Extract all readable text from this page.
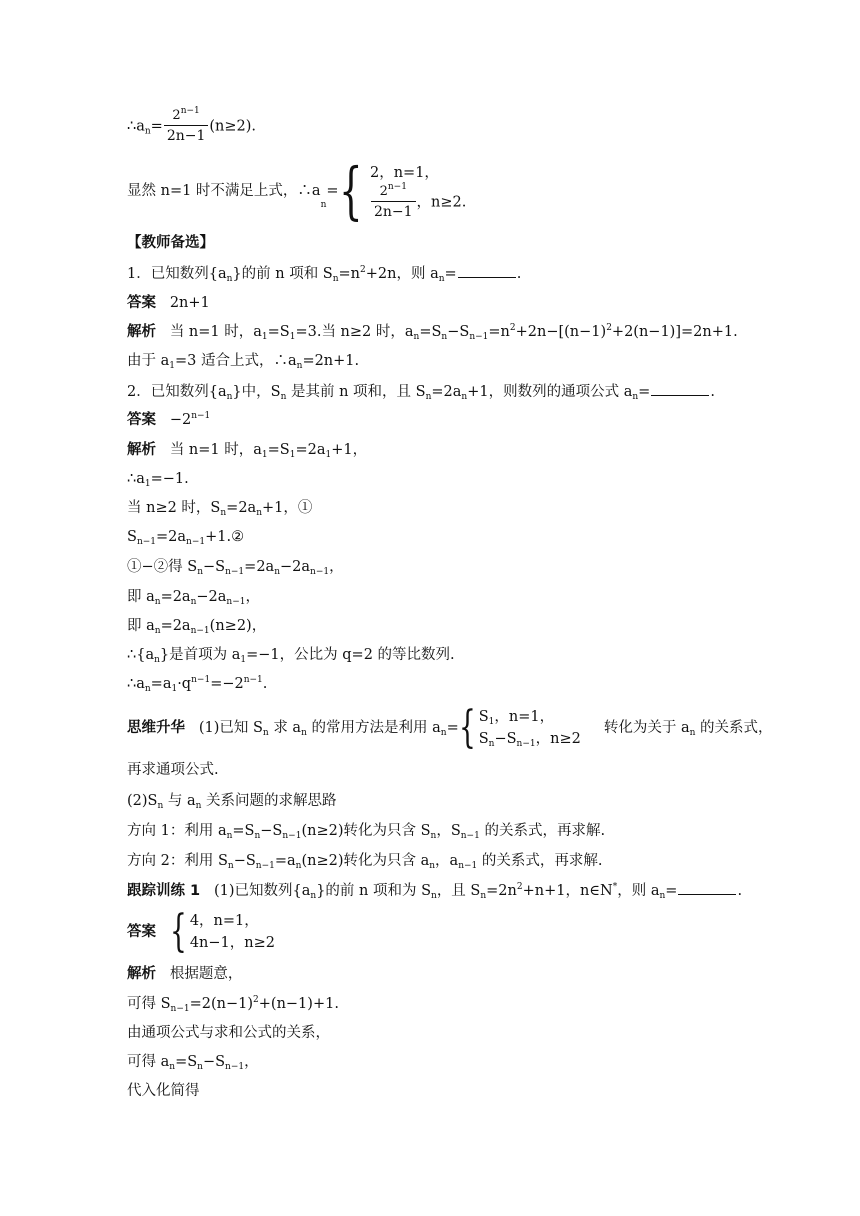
$\therefore a_n= \frac{2^{n-1}}{2n-1} (n\ge 2)$.
显然 n=1 时不满足上式，$\therefore a_n=${ 2，n=1，
$\frac{2^{n-1}}{2n-1}$ ，n≥2.
【教师备选】
1．已知数列$\{a_n\}$的前 n 项和 $S_n=n^2+2n$，则 $a_n=$	.
答案 2n+1
解析 当 n=1 时，$a_1=S_1=3$.当 n≥2 时，$a_n=S_n-S_{n-1}=n^2+2n-[(n-1)^2+2(n-1)]=2n+1$.
由于 $a_1=3$ 适合上式，$\therefore a_n=2n+1$.
2．已知数列$\{a_n\}$中，$S_n$ 是其前 n 项和，且 $S_n=2a_n+1$，则数列的通项公式 $a_n=$	.
答案 $-2^{n-1}$
解析 当 n=1 时，$a_1=S_1=2a_1+1$，
$\therefore a_1=-1$.
当 n≥2 时，$S_n=2a_n+1$，①
$S_{n-1}=2a_{n-1}+1.②$
①−②得 $S_n-S_{n-1}=2a_n-2a_{n-1}$，
即 $a_n=2a_n-2a_{n-1}$，
即 $a_n=2a_{n-1}(n\ge 2)$，
$\therefore\{a_n\}$是首项为 $a_1=-1$，公比为 q=2 的等比数列.
$\therefore a_n=a_1\cdot q^{n-1}=-2^{n-1}$.
思维升华 (1)已知 $S_n$ 求 $a_n$ 的常用方法是利用 $a_n=${ $S_1$，n=1，
$S_n-S_{n-1}$，n≥2
转化为关于 $a_n$ 的关系式，
再求通项公式.
$(2)S_n$ 与 $a_n$ 关系问题的求解思路
方向 1：利用 $a_n=S_n-S_{n-1}(n\ge 2)$转化为只含 $S_n$，$S_{n-1}$ 的关系式，再求解.
方向 2：利用 $S_n-S_{n-1}=a_n(n\ge 2)$转化为只含 $a_n$，$a_{n-1}$ 的关系式，再求解.
跟踪训练 1 (1)已知数列$\{a_n\}$的前 n 项和为 $S_n$，且 $S_n=2n^2+n+1$，n∈N*，则 $a_n=$	.
答案 { 4，n=1，
4n−1，n≥2
解析 根据题意，
可得 $S_{n-1}=2(n-1)^2+(n-1)+1$.
由通项公式与求和公式的关系，
可得 $a_n=S_n-S_{n-1}$，
代入化简得
